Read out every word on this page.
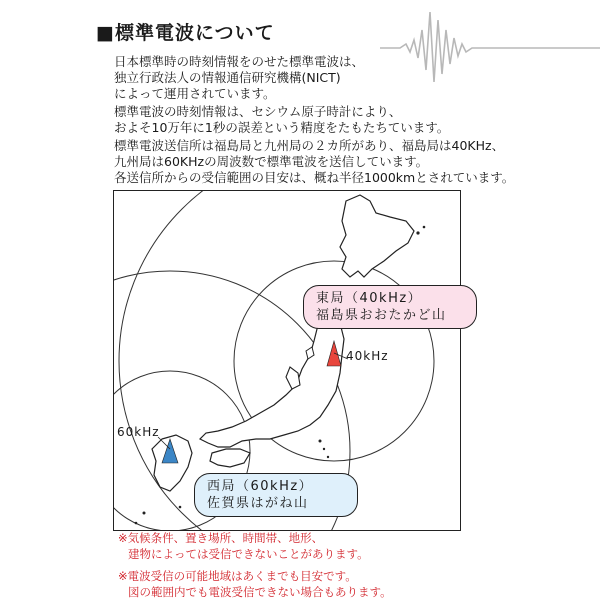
■標準電波について
日本標準時の時刻情報をのせた標準電波は、
独立行政法人の情報通信研究機構(NICT)
によって運用されています。
標準電波の時刻情報は、セシウム原子時計により、
およそ10万年に1秒の誤差という精度をたもたちています。
標準電波送信所は福島局と九州局の２カ所があり、福島局は40KHz、
九州局は60KHzの周波数で標準電波を送信しています。
各送信所からの受信範囲の目安は、概ね半径1000kmとされています。
東局（40kHz）
福島県おおたかど山
40kHz
西局（60kHz）
佐賀県はがね山
60kHz
※気候条件、置き場所、時間帯、地形、
建物によっては受信できないことがあります。
※電波受信の可能地域はあくまでも目安です。
図の範囲内でも電波受信できない場合もあります。
